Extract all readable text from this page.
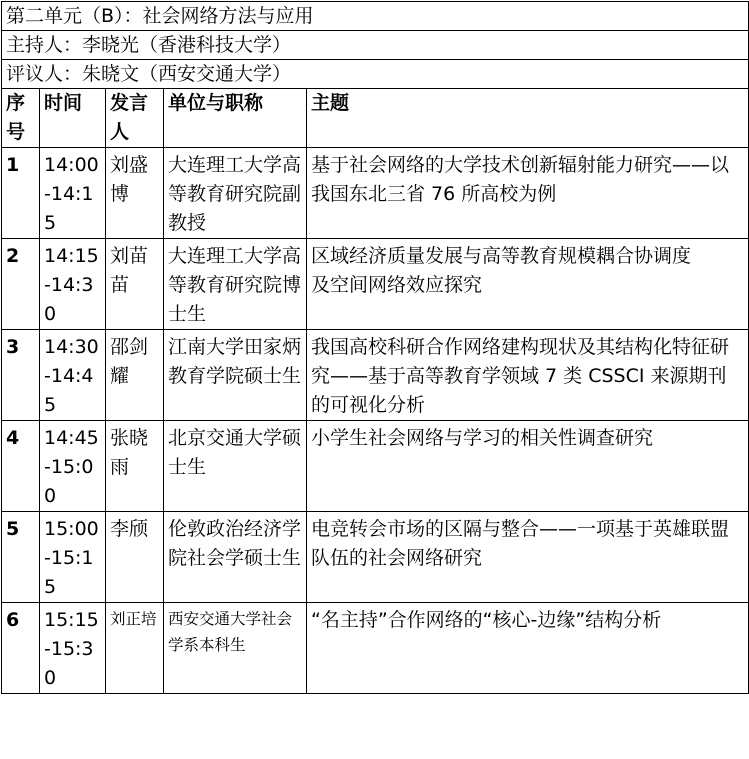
第二单元（B）：社会网络方法与应用				
主持人：李晓光（香港科技大学）				
评议人：朱晓文（西安交通大学）				
序号	时间	发言人	单位与职称	主题
1	14:00-14:15	刘盛博	大连理工大学高等教育研究院副教授	基于社会网络的大学技术创新辐射能力研究——以我国东北三省 76 所高校为例

2	14:15-14:30	刘苗苗	大连理工大学高等教育研究院博士生	区域经济质量发展与高等教育规模耦合协调度
及空间网络效应探究

3	14:30-14:45	邵剑耀	江南大学田家炳教育学院硕士生	我国高校科研合作网络建构现状及其结构化特征研究——基于高等教育学领域 7 类 CSSCI 来源期刊的可视化分析

4	14:45-15:00	张晓雨	北京交通大学硕士生	小学生社会网络与学习的相关性调查研究

5	15:00-15:15	李颀	伦敦政治经济学院社会学硕士生	电竞转会市场的区隔与整合——一项基于英雄联盟队伍的社会网络研究

6	15:15-15:30	刘正培	西安交通大学社会学系本科生	“名主持”合作网络的“核心-边缘”结构分析
